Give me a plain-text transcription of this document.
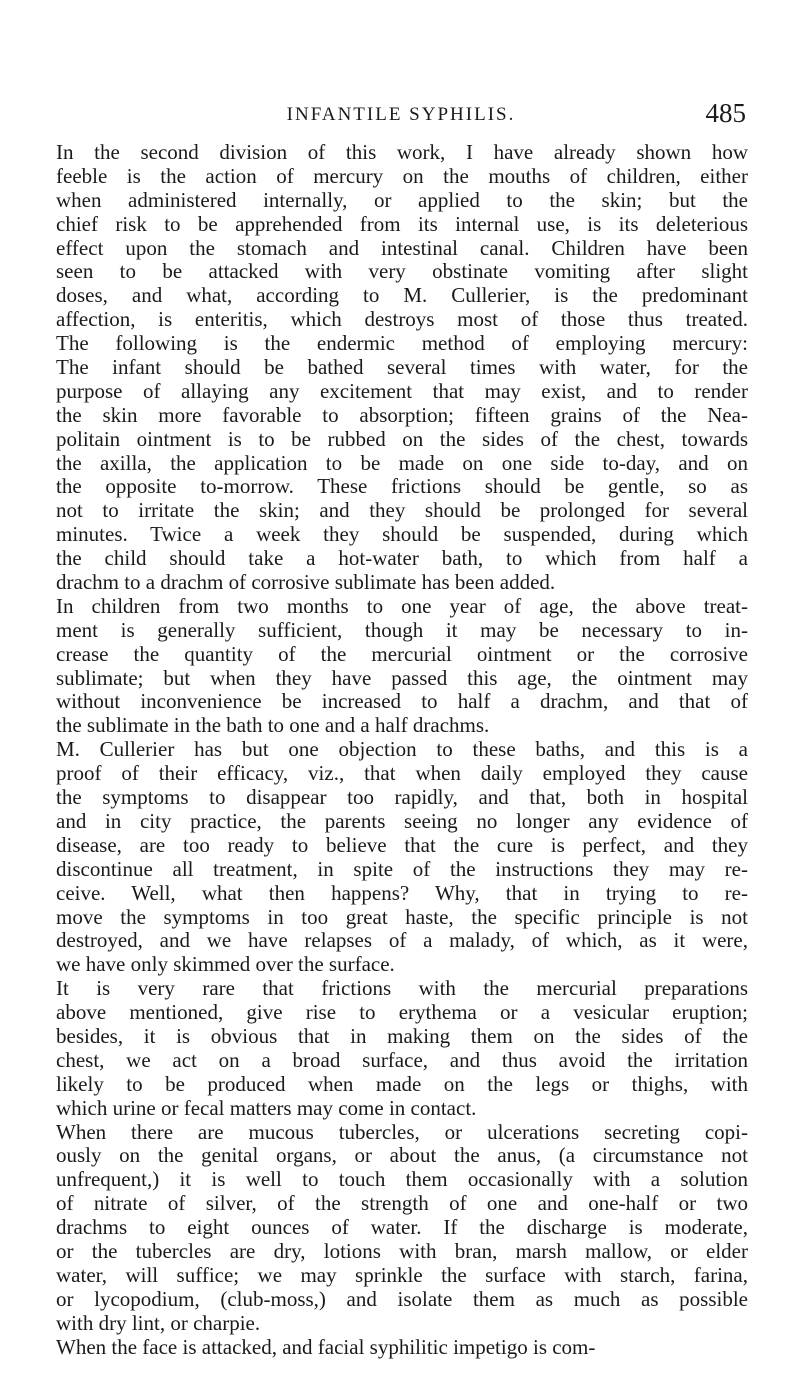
INFANTILE SYPHILIS.	485
In the second division of this work, I have already shown how
feeble is the action of mercury on the mouths of children, either
when administered internally, or applied to the skin; but the
chief risk to be apprehended from its internal use, is its deleterious
effect upon the stomach and intestinal canal. Children have been
seen to be attacked with very obstinate vomiting after slight
doses, and what, according to M. Cullerier, is the predominant
affection, is enteritis, which destroys most of those thus treated.
The following is the endermic method of employing mercury:
The infant should be bathed several times with water, for the
purpose of allaying any excitement that may exist, and to render
the skin more favorable to absorption; fifteen grains of the Nea-
politain ointment is to be rubbed on the sides of the chest, towards
the axilla, the application to be made on one side to-day, and on
the opposite to-morrow. These frictions should be gentle, so as
not to irritate the skin; and they should be prolonged for several
minutes. Twice a week they should be suspended, during which
the child should take a hot-water bath, to which from half a
drachm to a drachm of corrosive sublimate has been added.
In children from two months to one year of age, the above treat-
ment is generally sufficient, though it may be necessary to in-
crease the quantity of the mercurial ointment or the corrosive
sublimate; but when they have passed this age, the ointment may
without inconvenience be increased to half a drachm, and that of
the sublimate in the bath to one and a half drachms.
M. Cullerier has but one objection to these baths, and this is a
proof of their efficacy, viz., that when daily employed they cause
the symptoms to disappear too rapidly, and that, both in hospital
and in city practice, the parents seeing no longer any evidence of
disease, are too ready to believe that the cure is perfect, and they
discontinue all treatment, in spite of the instructions they may re-
ceive. Well, what then happens? Why, that in trying to re-
move the symptoms in too great haste, the specific principle is not
destroyed, and we have relapses of a malady, of which, as it were,
we have only skimmed over the surface.
It is very rare that frictions with the mercurial preparations
above mentioned, give rise to erythema or a vesicular eruption;
besides, it is obvious that in making them on the sides of the
chest, we act on a broad surface, and thus avoid the irritation
likely to be produced when made on the legs or thighs, with
which urine or fecal matters may come in contact.
When there are mucous tubercles, or ulcerations secreting copi-
ously on the genital organs, or about the anus, (a circumstance not
unfrequent,) it is well to touch them occasionally with a solution
of nitrate of silver, of the strength of one and one-half or two
drachms to eight ounces of water. If the discharge is moderate,
or the tubercles are dry, lotions with bran, marsh mallow, or elder
water, will suffice; we may sprinkle the surface with starch, farina,
or lycopodium, (club-moss,) and isolate them as much as possible
with dry lint, or charpie.
When the face is attacked, and facial syphilitic impetigo is com-
